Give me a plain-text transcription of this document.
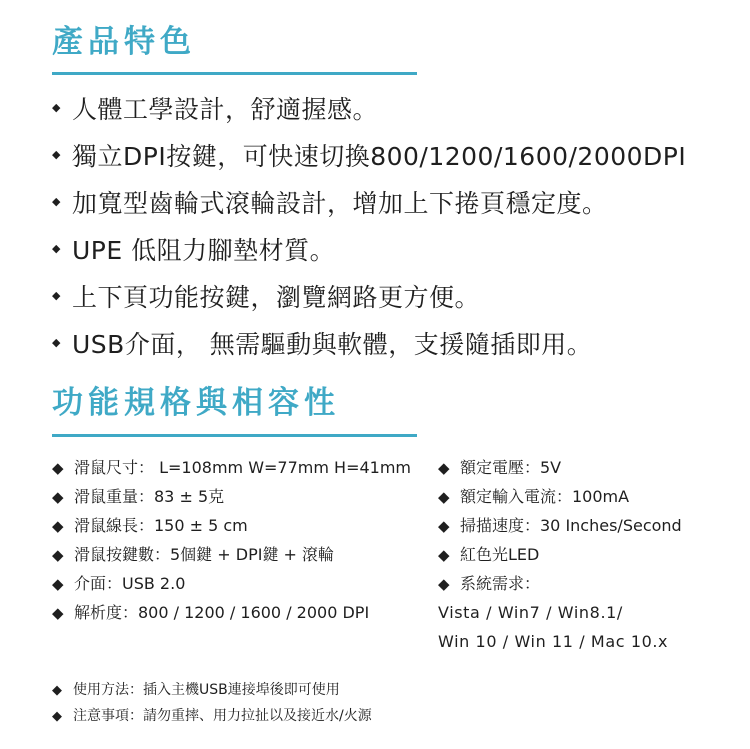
產品特色
◆ 人體工學設計，舒適握感。
◆ 獨立DPI按鍵，可快速切換800/1200/1600/2000DPI
◆ 加寬型齒輪式滾輪設計，增加上下捲頁穩定度。
◆ UPE 低阻力腳墊材質。
◆ 上下頁功能按鍵，瀏覽網路更方便。
◆ USB介面， 無需驅動與軟體，支援隨插即用。
功能規格與相容性
◆ 滑鼠尺寸： L=108mm W=77mm H=41mm
◆ 滑鼠重量：83 ± 5克
◆ 滑鼠線長：150 ± 5 cm
◆ 滑鼠按鍵數：5個鍵 + DPI鍵 + 滾輪
◆ 介面：USB 2.0
◆ 解析度：800 / 1200 / 1600 / 2000 DPI
◆ 額定電壓：5V
◆ 額定輸入電流：100mA
◆ 掃描速度：30 Inches/Second
◆ 紅色光LED
◆ 系統需求：
Vista / Win7 / Win8.1/
Win 10 / Win 11 / Mac 10.x
◆ 使用方法：插入主機USB連接埠後即可使用
◆ 注意事項：請勿重摔、用力拉扯以及接近水/火源
